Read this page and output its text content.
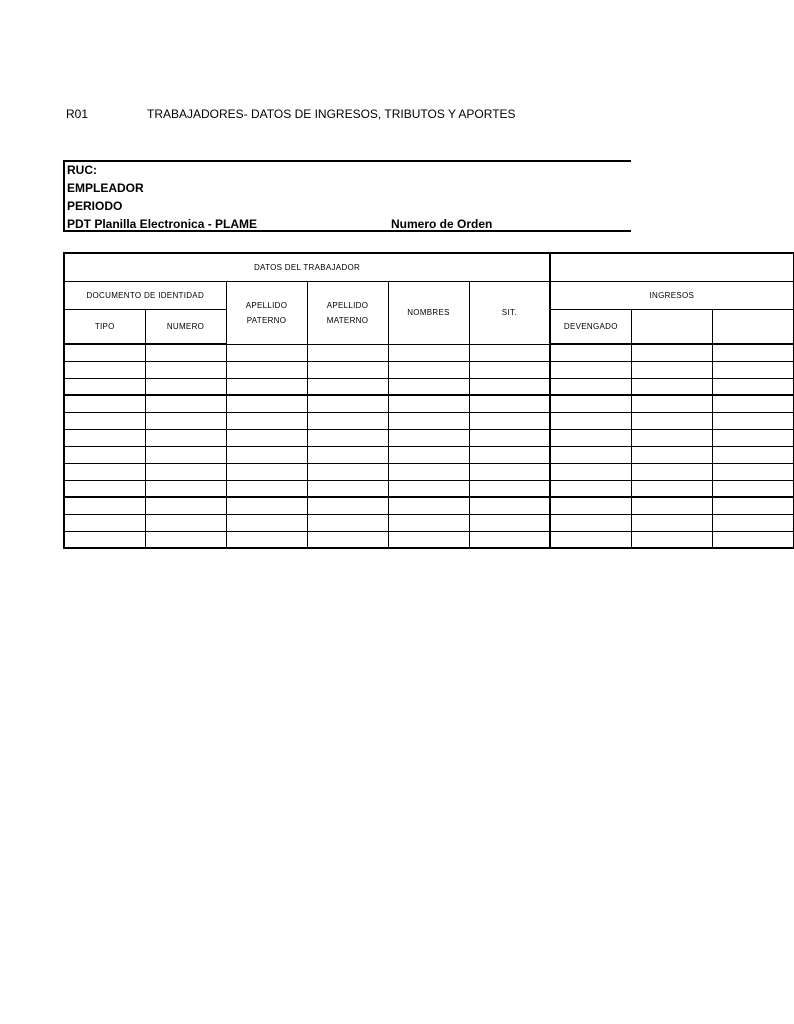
R01	TRABAJADORES- DATOS DE INGRESOS, TRIBUTOS Y APORTES
RUC:
EMPLEADOR
PERIODO
PDT Planilla Electronica - PLAME	Numero de Orden
DATOS DEL TRABAJADOR								
DOCUMENTO DE IDENTIDAD		APELLIDO PATERNO	APELLIDO MATERNO	NOMBRES	SIT.	INGRESOS		
TIPO	NUMERO					DEVENGADO		
